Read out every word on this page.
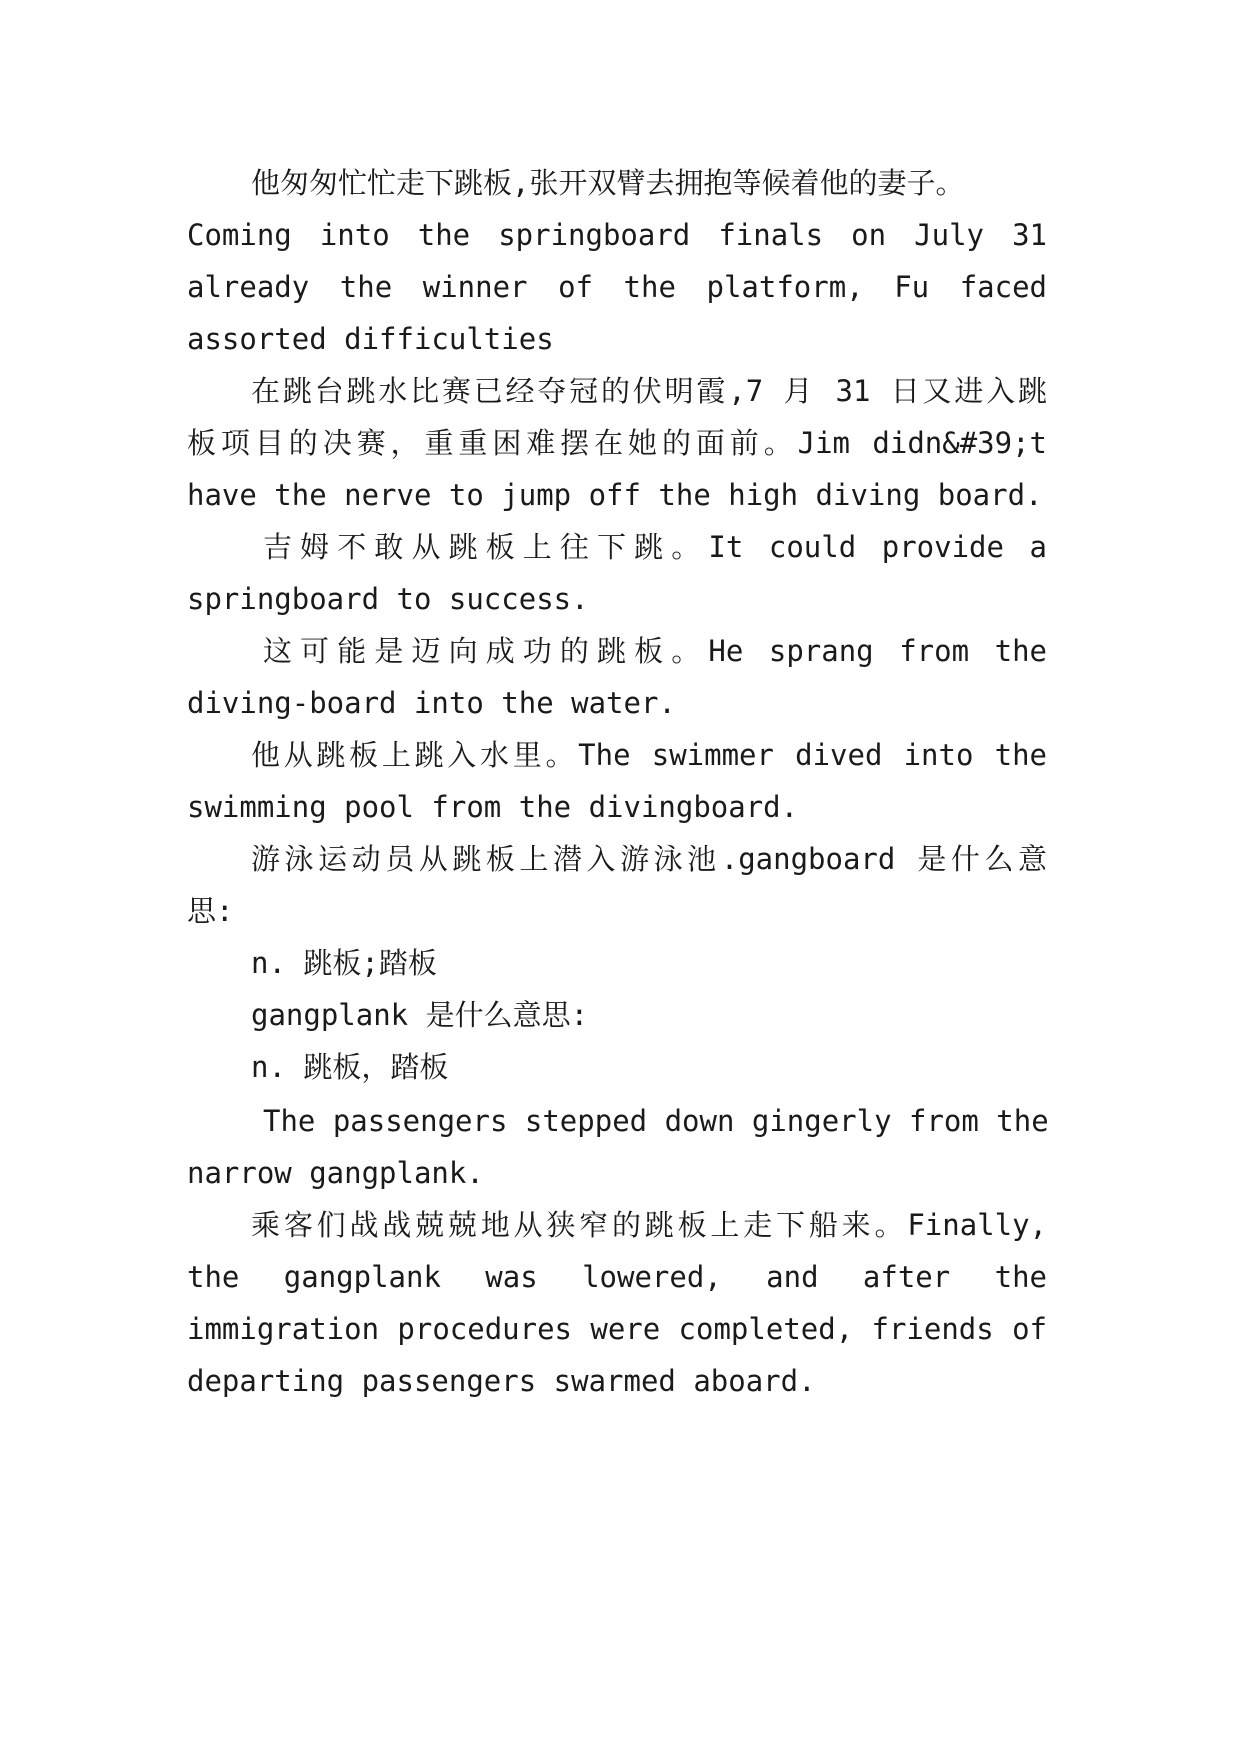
他匆匆忙忙走下跳板,张开双臂去拥抱等候着他的妻子。
Coming into the springboard finals on July 31
already the winner of the platform, Fu faced
assorted difficulties
在跳台跳水比赛已经夺冠的伏明霞,7 月 31 日又进入跳
板项目的决赛，重重困难摆在她的面前。Jim didn&#39;t
have the nerve to jump off the high diving board.
吉姆不敢从跳板上往下跳。It could provide a
springboard to success.
这可能是迈向成功的跳板。He sprang from the
diving-board into the water.
他从跳板上跳入水里。The swimmer dived into the
swimming pool from the divingboard.
游泳运动员从跳板上潜入游泳池.gangboard 是什么意
思:
n. 跳板;踏板
gangplank 是什么意思:
n. 跳板，踏板
The passengers stepped down gingerly from the
narrow gangplank.
乘客们战战兢兢地从狭窄的跳板上走下船来。Finally,
the gangplank was lowered, and after the
immigration procedures were completed, friends of
departing passengers swarmed aboard.
